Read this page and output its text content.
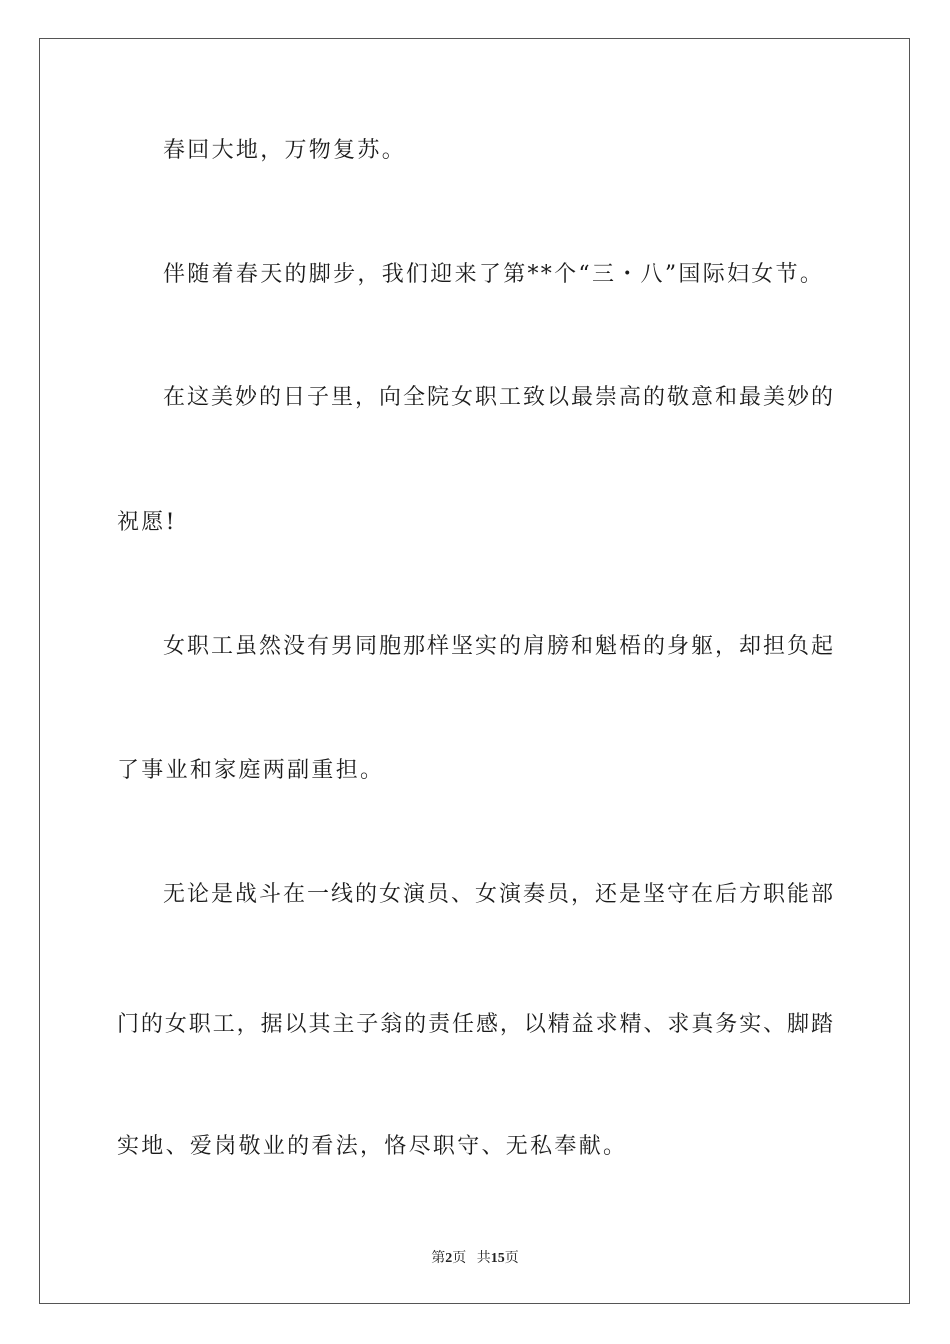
春回大地，万物复苏。
伴随着春天的脚步，我们迎来了第**个“三・八”国际妇女节。
在这美妙的日子里，向全院女职工致以最崇高的敬意和最美妙的
祝愿!
女职工虽然没有男同胞那样坚实的肩膀和魁梧的身躯，却担负起
了事业和家庭两副重担。
无论是战斗在一线的女演员、女演奏员，还是坚守在后方职能部
门的女职工，据以其主子翁的责任感，以精益求精、求真务实、脚踏
实地、爱岗敬业的看法，恪尽职守、无私奉献。
第2页 共15页
